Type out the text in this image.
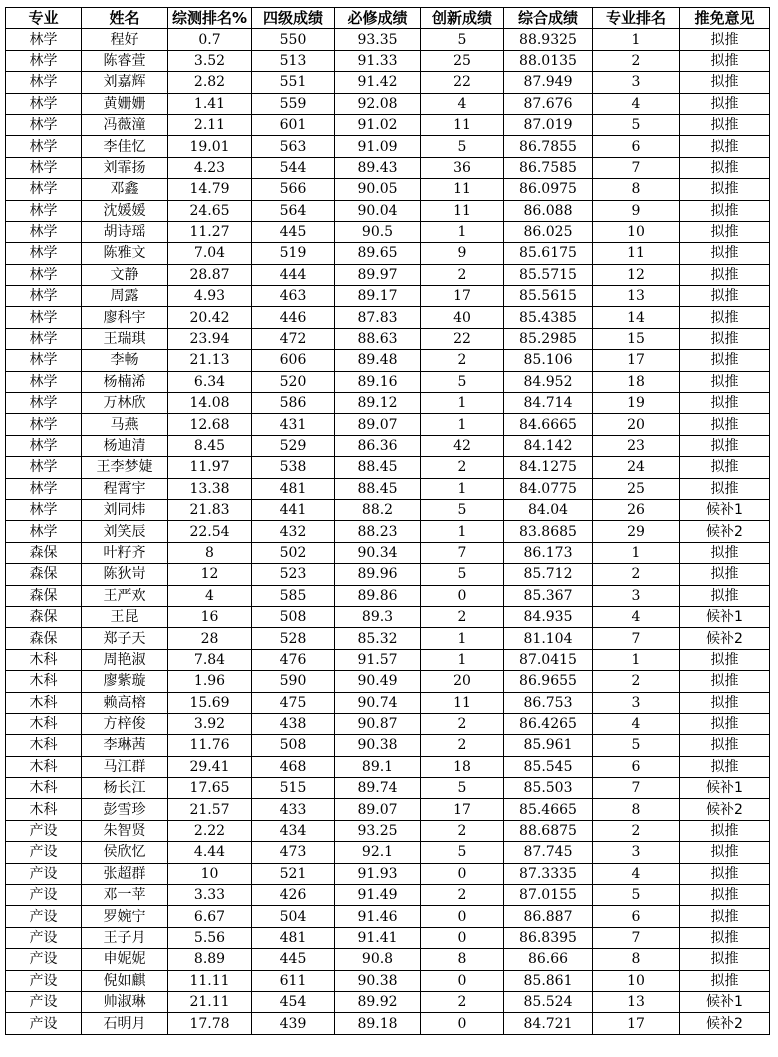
专业	姓名	综测排名%	四级成绩	必修成绩	创新成绩	综合成绩	专业排名	推免意见
林学	程好	0.7	550	93.35	5	88.9325	1	拟推
林学	陈睿萱	3.52	513	91.33	25	88.0135	2	拟推
林学	刘嘉辉	2.82	551	91.42	22	87.949	3	拟推
林学	黄姗姗	1.41	559	92.08	4	87.676	4	拟推
林学	冯薇潼	2.11	601	91.02	11	87.019	5	拟推
林学	李佳忆	19.01	563	91.09	5	86.7855	6	拟推
林学	刘霏扬	4.23	544	89.43	36	86.7585	7	拟推
林学	邓鑫	14.79	566	90.05	11	86.0975	8	拟推
林学	沈媛媛	24.65	564	90.04	11	86.088	9	拟推
林学	胡诗瑶	11.27	445	90.5	1	86.025	10	拟推
林学	陈雅文	7.04	519	89.65	9	85.6175	11	拟推
林学	文静	28.87	444	89.97	2	85.5715	12	拟推
林学	周露	4.93	463	89.17	17	85.5615	13	拟推
林学	廖科宇	20.42	446	87.83	40	85.4385	14	拟推
林学	王瑞琪	23.94	472	88.63	22	85.2985	15	拟推
林学	李畅	21.13	606	89.48	2	85.106	17	拟推
林学	杨楠浠	6.34	520	89.16	5	84.952	18	拟推
林学	万林欣	14.08	586	89.12	1	84.714	19	拟推
林学	马燕	12.68	431	89.07	1	84.6665	20	拟推
林学	杨迪清	8.45	529	86.36	42	84.142	23	拟推
林学	王李梦婕	11.97	538	88.45	2	84.1275	24	拟推
林学	程霄宇	13.38	481	88.45	1	84.0775	25	拟推
林学	刘同炜	21.83	441	88.2	5	84.04	26	候补1
林学	刘笑辰	22.54	432	88.23	1	83.8685	29	候补2
森保	叶籽齐	8	502	90.34	7	86.173	1	拟推
森保	陈狄岢	12	523	89.96	5	85.712	2	拟推
森保	王严欢	4	585	89.86	0	85.367	3	拟推
森保	王昆	16	508	89.3	2	84.935	4	候补1
森保	郑子天	28	528	85.32	1	81.104	7	候补2
木科	周艳淑	7.84	476	91.57	1	87.0415	1	拟推
木科	廖紫璇	1.96	590	90.49	20	86.9655	2	拟推
木科	赖高榕	15.69	475	90.74	11	86.753	3	拟推
木科	方梓俊	3.92	438	90.87	2	86.4265	4	拟推
木科	李琳茜	11.76	508	90.38	2	85.961	5	拟推
木科	马江群	29.41	468	89.1	18	85.545	6	拟推
木科	杨长江	17.65	515	89.74	5	85.503	7	候补1
木科	彭雪珍	21.57	433	89.07	17	85.4665	8	候补2
产设	朱智贤	2.22	434	93.25	2	88.6875	2	拟推
产设	侯欣忆	4.44	473	92.1	5	87.745	3	拟推
产设	张超群	10	521	91.93	0	87.3335	4	拟推
产设	邓一苹	3.33	426	91.49	2	87.0155	5	拟推
产设	罗婉宁	6.67	504	91.46	0	86.887	6	拟推
产设	王子月	5.56	481	91.41	0	86.8395	7	拟推
产设	申妮妮	8.89	445	90.8	8	86.66	8	拟推
产设	倪如麒	11.11	611	90.38	0	85.861	10	拟推
产设	帅淑琳	21.11	454	89.92	2	85.524	13	候补1
产设	石明月	17.78	439	89.18	0	84.721	17	候补2
